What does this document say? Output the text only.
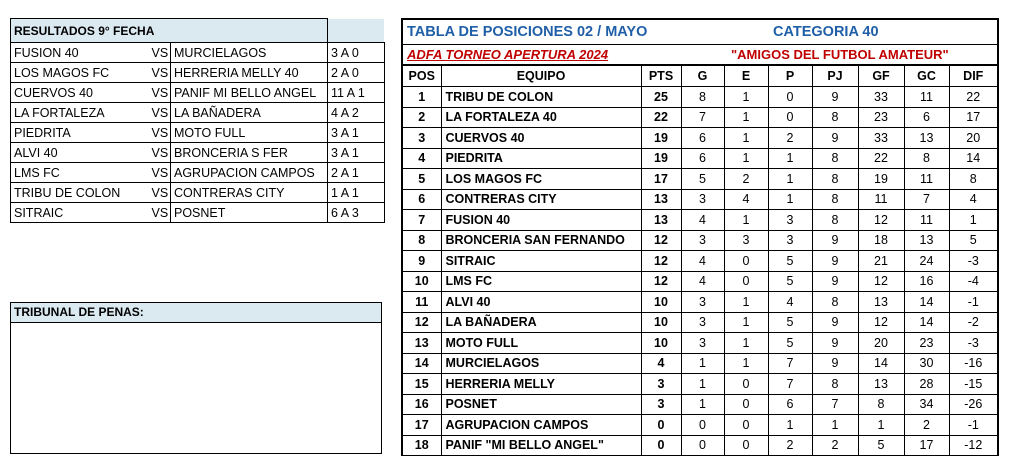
RESULTADOS 9° FECHA			
FUSION 40	VS	MURCIELAGOS	3 A 0
LOS MAGOS FC	VS	HERRERIA MELLY 40	2 A 0
CUERVOS 40	VS	PANIF MI BELLO ANGEL	11 A 1
LA FORTALEZA	VS	LA BAÑADERA	4 A 2
PIEDRITA	VS	MOTO FULL	3 A 1
ALVI 40	VS	BRONCERIA S FER	3 A 1
LMS FC	VS	AGRUPACION CAMPOS	2 A 1
TRIBU DE COLON	VS	CONTRERAS CITY	1 A 1
SITRAIC	VS	POSNET	6 A 3
TRIBUNAL DE PENAS:
TABLA DE POSICIONES 02 / MAYO	CATEGORIA 40
ADFA TORNEO APERTURA 2024	"AMIGOS DEL FUTBOL AMATEUR"
POS	EQUIPO	PTS	G	E	P	PJ	GF	GC	DIF
1	TRIBU DE COLON	25	8	1	0	9	33	11	22
2	LA FORTALEZA 40	22	7	1	0	8	23	6	17
3	CUERVOS 40	19	6	1	2	9	33	13	20
4	PIEDRITA	19	6	1	1	8	22	8	14
5	LOS MAGOS FC	17	5	2	1	8	19	11	8
6	CONTRERAS CITY	13	3	4	1	8	11	7	4
7	FUSION 40	13	4	1	3	8	12	11	1
8	BRONCERIA SAN FERNANDO	12	3	3	3	9	18	13	5
9	SITRAIC	12	4	0	5	9	21	24	-3
10	LMS FC	12	4	0	5	9	12	16	-4
11	ALVI 40	10	3	1	4	8	13	14	-1
12	LA BAÑADERA	10	3	1	5	9	12	14	-2
13	MOTO FULL	10	3	1	5	9	20	23	-3
14	MURCIELAGOS	4	1	1	7	9	14	30	-16
15	HERRERIA MELLY	3	1	0	7	8	13	28	-15
16	POSNET	3	1	0	6	7	8	34	-26
17	AGRUPACION CAMPOS	0	0	0	1	1	1	2	-1
18	PANIF "MI BELLO ANGEL"	0	0	0	2	2	5	17	-12
